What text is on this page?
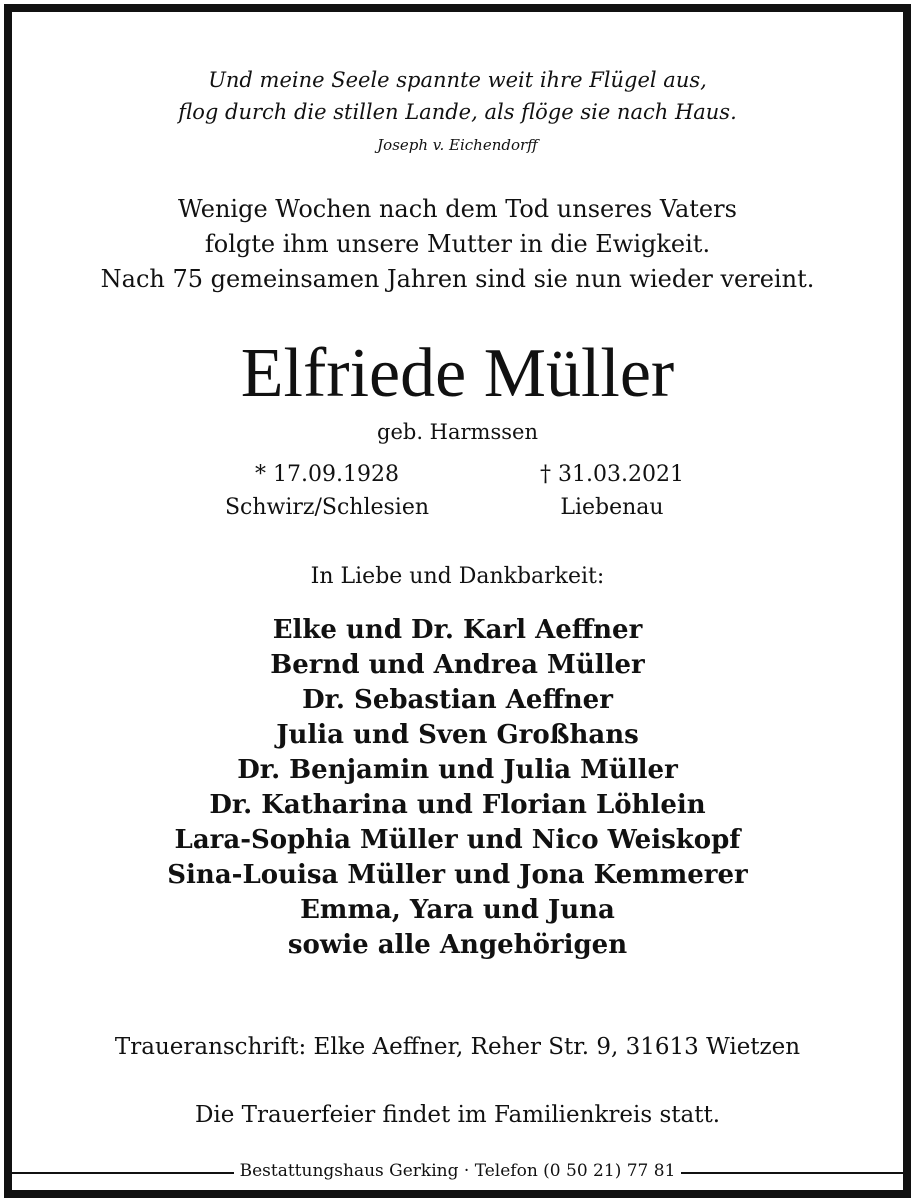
Und meine Seele spannte weit ihre Flügel aus,
flog durch die stillen Lande, als flöge sie nach Haus.
Joseph v. Eichendorff
Wenige Wochen nach dem Tod unseres Vaters
folgte ihm unsere Mutter in die Ewigkeit.
Nach 75 gemeinsamen Jahren sind sie nun wieder vereint.
Elfriede Müller
geb. Harmssen
* 17.09.1928	† 31.03.2021
Schwirz/Schlesien	Liebenau
In Liebe und Dankbarkeit:
Elke und Dr. Karl Aeffner
Bernd und Andrea Müller
Dr. Sebastian Aeffner
Julia und Sven Großhans
Dr. Benjamin und Julia Müller
Dr. Katharina und Florian Löhlein
Lara-Sophia Müller und Nico Weiskopf
Sina-Louisa Müller und Jona Kemmerer
Emma, Yara und Juna
sowie alle Angehörigen
Traueranschrift: Elke Aeffner, Reher Str. 9, 31613 Wietzen
Die Trauerfeier findet im Familienkreis statt.
Bestattungshaus Gerking · Telefon (0 50 21) 77 81
